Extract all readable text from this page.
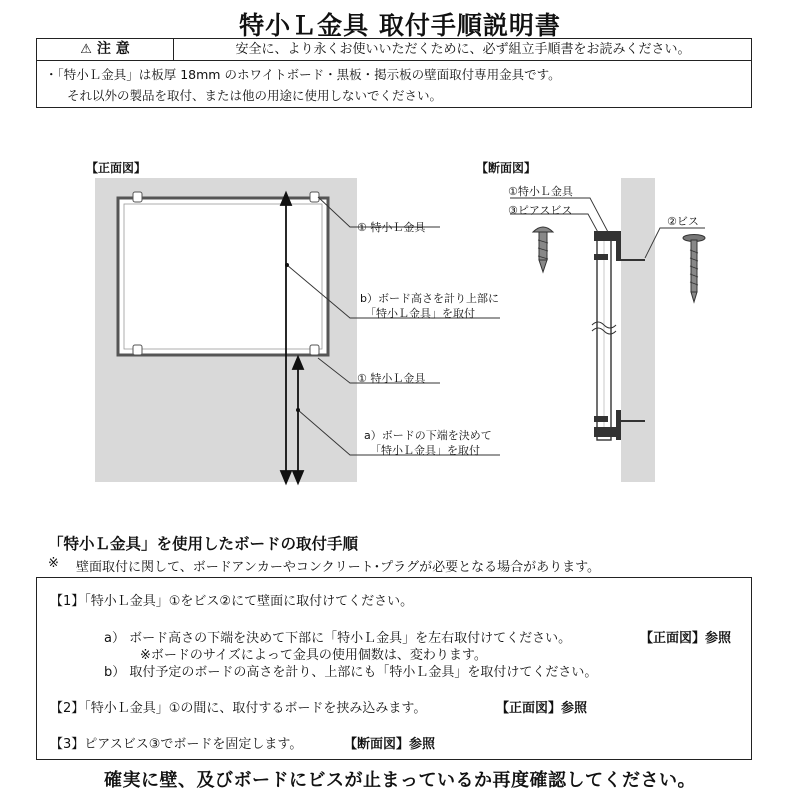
特小Ｌ金具 取付手順説明書
⚠ 注 意	安全に、より永くお使いいただくために、必ず組立手順書をお読みください。
・「特小Ｌ金具」は板厚 18mm のホワイトボード・黒板・掲示板の壁面取付専用金具です。
それ以外の製品を取付、または他の用途に使用しないでください。
【正面図】
① 特小Ｌ金具
b）ボード高さを計り上部に
「特小Ｌ金具」を取付
① 特小Ｌ金具
a）ボードの下端を決めて
「特小Ｌ金具」を取付
【断面図】
①特小Ｌ金具
③ピアスビス
②ビス
「特小Ｌ金具」を使用したボードの取付手順
※ 壁面取付に関して、ボードアンカーやコンクリート･プラグが必要となる場合があります。
【1】「特小Ｌ金具」①をビス②にて壁面に取付けてください。
a） ボード高さの下端を決めて下部に「特小Ｌ金具」を左右取付けてください。	【正面図】参照
※ボードのサイズによって金具の使用個数は、変わります。
b） 取付予定のボードの高さを計り、上部にも「特小Ｌ金具」を取付けてください。
【2】「特小Ｌ金具」①の間に、取付するボードを挟み込みます。	【正面図】参照
【3】ピアスビス③でボードを固定します。	【断面図】参照
確実に壁、及びボードにビスが止まっているか再度確認してください。
